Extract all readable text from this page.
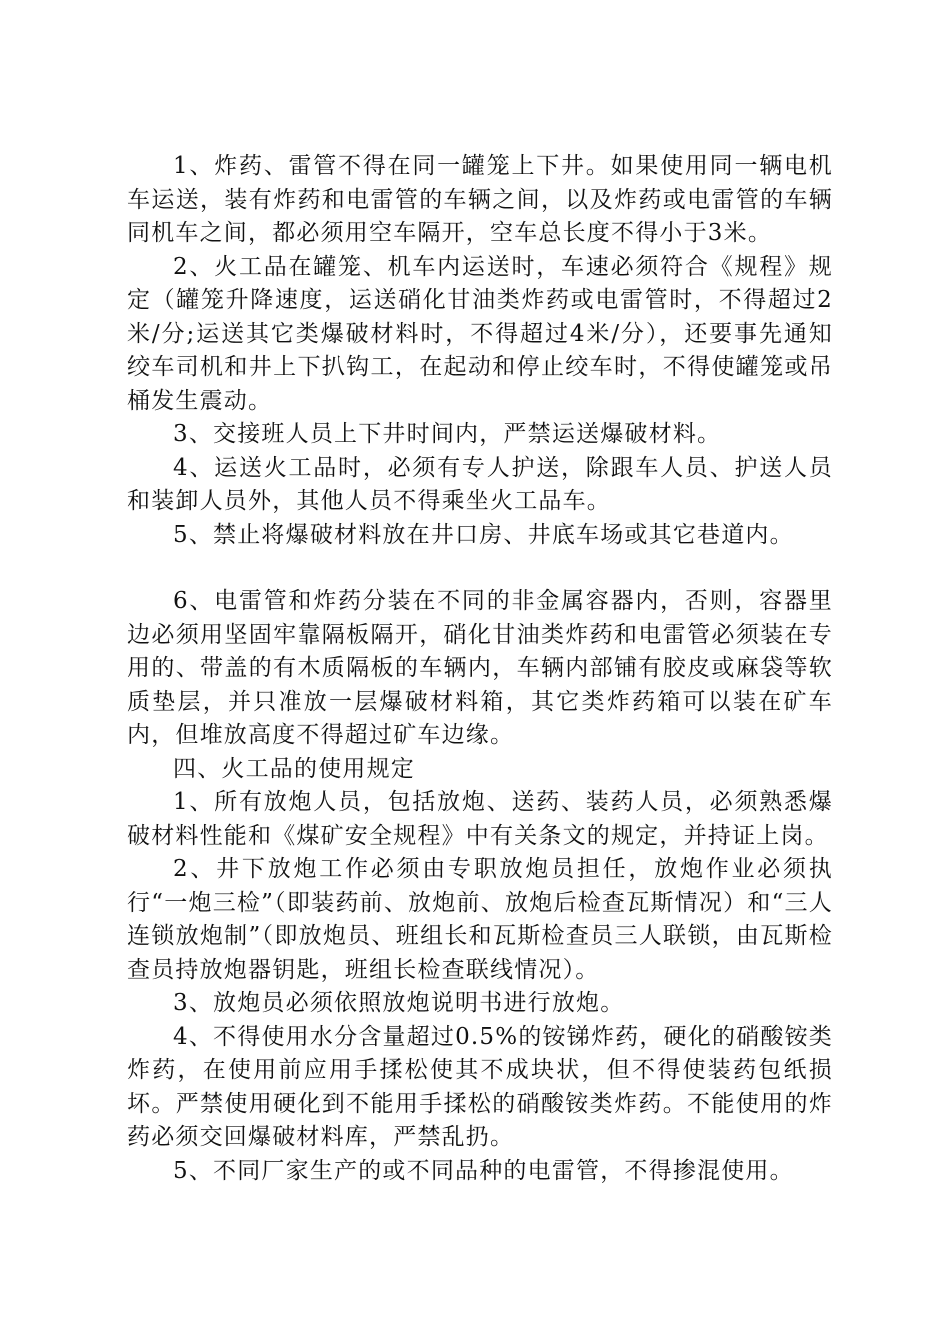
1、炸药、雷管不得在同一罐笼上下井。如果使用同一辆电机车运送，装有炸药和电雷管的车辆之间，以及炸药或电雷管的车辆同机车之间，都必须用空车隔开，空车总长度不得小于3米。

2、火工品在罐笼、机车内运送时，车速必须符合《规程》规定（罐笼升降速度，运送硝化甘油类炸药或电雷管时，不得超过2米/分;运送其它类爆破材料时，不得超过4米/分），还要事先通知绞车司机和井上下扒钩工，在起动和停止绞车时，不得使罐笼或吊桶发生震动。

3、交接班人员上下井时间内，严禁运送爆破材料。

4、运送火工品时，必须有专人护送，除跟车人员、护送人员和装卸人员外，其他人员不得乘坐火工品车。

5、禁止将爆破材料放在井口房、井底车场或其它巷道内。

6、电雷管和炸药分装在不同的非金属容器内，否则，容器里边必须用坚固牢靠隔板隔开，硝化甘油类炸药和电雷管必须装在专用的、带盖的有木质隔板的车辆内，车辆内部铺有胶皮或麻袋等软质垫层，并只准放一层爆破材料箱，其它类炸药箱可以装在矿车内，但堆放高度不得超过矿车边缘。

四、火工品的使用规定

1、所有放炮人员，包括放炮、送药、装药人员，必须熟悉爆破材料性能和《煤矿安全规程》中有关条文的规定，并持证上岗。

2、井下放炮工作必须由专职放炮员担任，放炮作业必须执行“一炮三检”（即装药前、放炮前、放炮后检查瓦斯情况）和“三人连锁放炮制”（即放炮员、班组长和瓦斯检查员三人联锁，由瓦斯检查员持放炮器钥匙，班组长检查联线情况）。

3、放炮员必须依照放炮说明书进行放炮。

4、不得使用水分含量超过0.5%的铵锑炸药，硬化的硝酸铵类炸药，在使用前应用手揉松使其不成块状，但不得使装药包纸损坏。严禁使用硬化到不能用手揉松的硝酸铵类炸药。不能使用的炸药必须交回爆破材料库，严禁乱扔。

5、不同厂家生产的或不同品种的电雷管，不得掺混使用。
